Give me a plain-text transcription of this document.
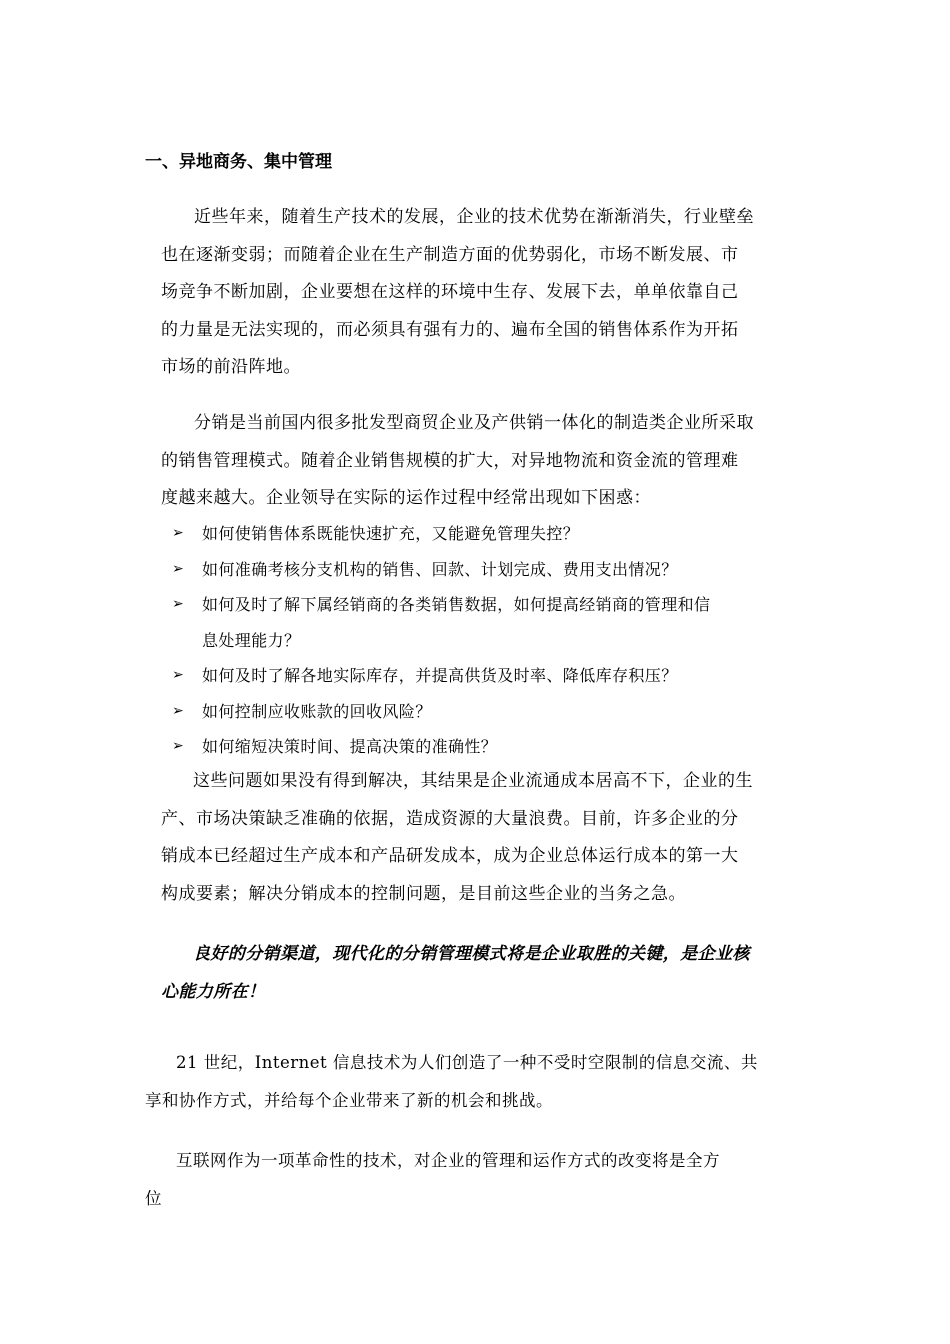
一、异地商务、集中管理
近些年来，随着生产技术的发展，企业的技术优势在渐渐消失，行业壁垒
也在逐渐变弱；而随着企业在生产制造方面的优势弱化，市场不断发展、市
场竞争不断加剧，企业要想在这样的环境中生存、发展下去，单单依靠自己
的力量是无法实现的，而必须具有强有力的、遍布全国的销售体系作为开拓
市场的前沿阵地。
分销是当前国内很多批发型商贸企业及产供销一体化的制造类企业所采取
的销售管理模式。随着企业销售规模的扩大，对异地物流和资金流的管理难
度越来越大。企业领导在实际的运作过程中经常出现如下困惑：
➢ 如何使销售体系既能快速扩充，又能避免管理失控？
➢ 如何准确考核分支机构的销售、回款、计划完成、费用支出情况？
➢ 如何及时了解下属经销商的各类销售数据，如何提高经销商的管理和信
息处理能力？
➢ 如何及时了解各地实际库存，并提高供货及时率、降低库存积压？
➢ 如何控制应收账款的回收风险？
➢ 如何缩短决策时间、提高决策的准确性？
这些问题如果没有得到解决，其结果是企业流通成本居高不下，企业的生
产、市场决策缺乏准确的依据，造成资源的大量浪费。目前，许多企业的分
销成本已经超过生产成本和产品研发成本，成为企业总体运行成本的第一大
构成要素；解决分销成本的控制问题，是目前这些企业的当务之急。
良好的分销渠道，现代化的分销管理模式将是企业取胜的关键，是企业核
心能力所在！
21 世纪，Internet 信息技术为人们创造了一种不受时空限制的信息交流、共
享和协作方式，并给每个企业带来了新的机会和挑战。
互联网作为一项革命性的技术，对企业的管理和运作方式的改变将是全方
位
